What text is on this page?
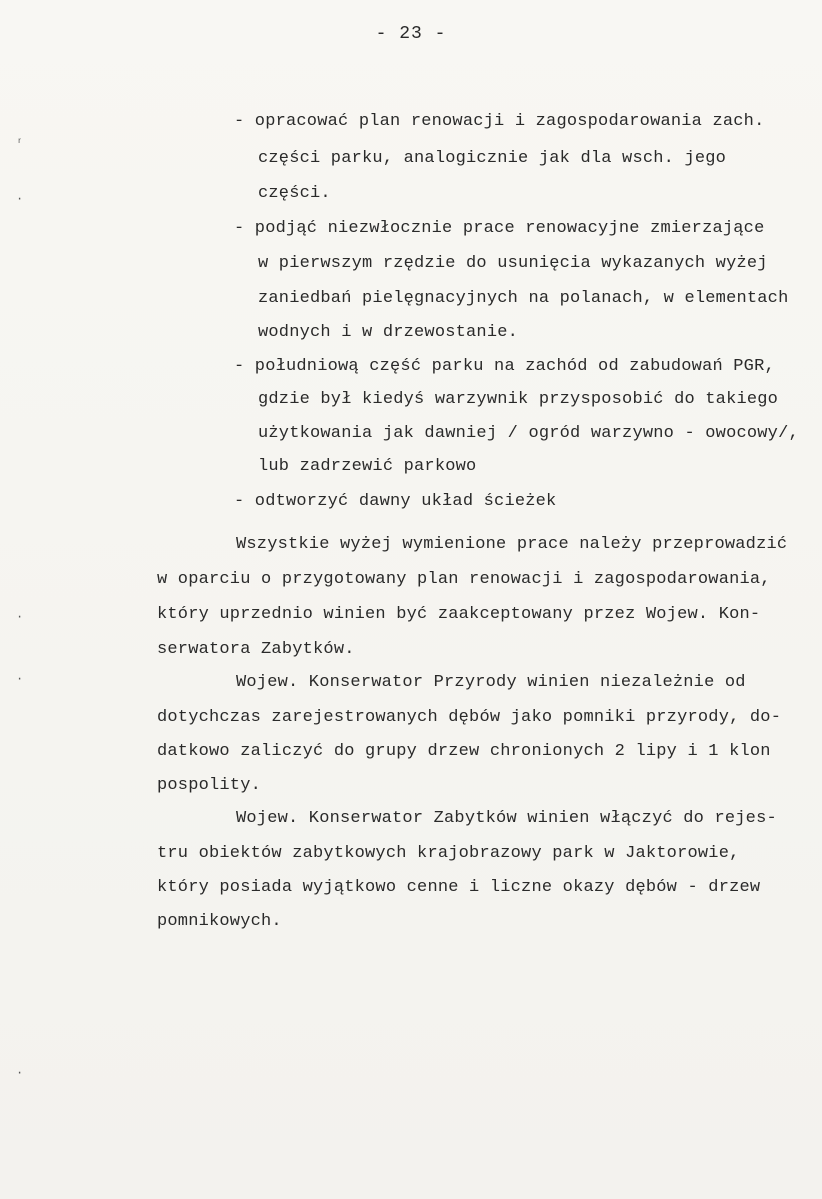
- 23 -
ʳ
·
·
·
·
- opracować plan renowacji i zagospodarowania zach.
części parku, analogicznie jak dla wsch. jego
części.
- podjąć niezwłocznie prace renowacyjne zmierzające
w pierwszym rzędzie do usunięcia wykazanych wyżej
zaniedbań pielęgnacyjnych na polanach, w elementach
wodnych i w drzewostanie.
- południową część parku na zachód od zabudowań PGR,
gdzie był kiedyś warzywnik przysposobić do takiego
użytkowania jak dawniej / ogród warzywno - owocowy/,
lub zadrzewić parkowo
- odtworzyć dawny układ ścieżek
Wszystkie wyżej wymienione prace należy przeprowadzić
w oparciu o przygotowany plan renowacji i zagospodarowania,
który uprzednio winien być zaakceptowany przez Wojew. Kon-
serwatora Zabytków.
Wojew. Konserwator Przyrody winien niezależnie od
dotychczas zarejestrowanych dębów jako pomniki przyrody, do-
datkowo zaliczyć do grupy drzew chronionych 2 lipy i 1 klon
pospolity.
Wojew. Konserwator Zabytków winien włączyć do rejes-
tru obiektów zabytkowych krajobrazowy park w Jaktorowie,
który posiada wyjątkowo cenne i liczne okazy dębów - drzew
pomnikowych.
